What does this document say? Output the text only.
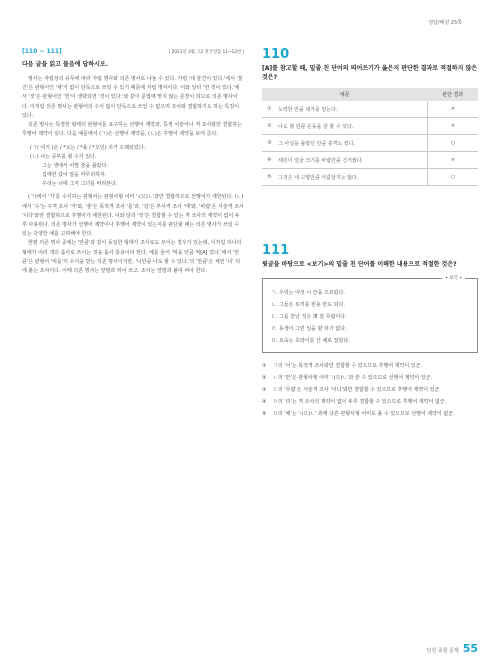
정답/해설 25쪽
[110 ~ 111]	| 2021년 3월 고2 전국연합 11~12번 |
다음 글을 읽고 물음에 답하시오.

병사는 자립성의 유무에 따라 자립 명사와 의존 명사로 나눌 수 있다. 가령 '새 물건이 있다.'에서 '물건'은 관형어인 '새'가 없이 단독으로 쓰일 수 있기 때문에 자립 명사이다. 이와 달리 '헌 것이 있다.'에서 '것'은 관형어인 '헌'이 생략되면 '것이 있다.'와 같이 문법에 맞지 않는 문장이 되므로 의존 명사이다. 이처럼 의존 명사는 관형어의 수식 없이 단독으로 쓰일 수 없으며 조사와 결합하기도 하는 특징이 있다.

의존 명사는 특정한 형태의 관형어를 요구하는 선행어 제약과, 특정 서술어나 격 조사와만 결합하는 후행어 제약이 있다. 다음 예문에서 (ㄱ)은 선행어 제약을, (ㄴ)은 후행어 제약을 보여 준다.

(ㄱ) 여기 (온 / *오는 / *올 / *오던) 지가 오래되었다.
(ㄴ) 나는 공부를 할 수가 있다.
그는 생에서 어쩔 줄을 몰랐다.
집에만 갔어 알을 마무리하자.
우리는 너에 그저 그녀를 바라본다.

(ㄱ)에서 '지'를 수식하는 관형어는 관형사형 어미 '-(으)ㄴ'과만 결합하므로 선행어가 제한된다. (ㄴ)에서 '수'는 주격 조사 '가'와, '줄'은 목적격 조사 '를'과, '김'은 부사격 조사 '에'와, '바람'은 서술격 조사 '이다'와만 결합하므로 후행어가 제한된다. 이와 달리 '것'은 결합할 수 있는 격 조사의 제약이 없이 두루 사용된다. 의존 명사가 선행어 제약이나 후행어 제약이 있는지를 판단할 때는 의존 명사가 쓰일 수 있는 다양한 예를 고려해야 한다.

한편 의존 명사 중에는 '만큼'과 같이 동일한 형태가 조사로도 쓰이는 경우가 있는데, 이처럼 하나의 형태가 여러 개의 품사로 쓰이는 것을 품사 통용이라 한다. 예를 들어 '먹을 만큼 먹[A] 었다.'에서 '만큼'은 관형어 '먹을'의 수식을 받는 의존 명사이지만, '나만큼 나도 할 수 있다.'의 '만큼'은 체언 '너' 뒤에 붙는 조사이다. 이때 의존 명사는 앞말과 띄어 쓰고, 조사는 앞말과 붙여 써야 한다.

110
[A]를 참고할 때, 밑줄 친 단어의 띄어쓰기가 옳은지 판단한 결과로 적절하지 않은 것은?
예문		판단 결과
①	노력한 만큼 대가를 얻는다.	×
②	나도 형 만큼 운동을 잘 할 수 있다.	×
③	그 사실을 몰랐던 만큼 충격도 컸다.	○
④	세민이 얼굴 크기를 바람만큼 건거웠다.	×
⑤	그것은 내 고향만큼 아름답지는 않다.	○
111
윗글을 바탕으로 <보기>의 밑줄 친 단어를 이해한 내용으로 적절한 것은?
• 보기 •
ㄱ. 우리는 여섯 시 만을 으르렀다.
ㄴ. 그들은 토끼를 빈용 만도 되다.
ㄷ. 그를 만난 것은 꽤 설 무렵이다.
ㄹ. 동생이 그런 일을 할 리가 없다.
ㅁ. 요숙는 호랑이를 산 채로 잡았다.
①	ㄱ의 '어'는 목적격 조사와만 결합할 수 있으므로 후행어 제약이 있군.
②	ㄴ의 '만'은 관형사형 어미 '-(으)ㄴ'과 쓸 수 있으므로 선행어 제약이 있군.
③	ㄷ의 '무렵'은 서술격 조사 '이다'와만 결합할 수 있으므로 후행어 제약이 있군.
④	ㄹ의 '리'는 격 조사의 제약이 없이 두루 결합할 수 있으므로 후행어 제약이 없군.
⑤	ㅁ의 '채'는 '-(으)ㄴ' 외에 다른 관형사형 어미도 올 수 있으므로 선행어 제약이 없군.
단원 종합 문제 55
